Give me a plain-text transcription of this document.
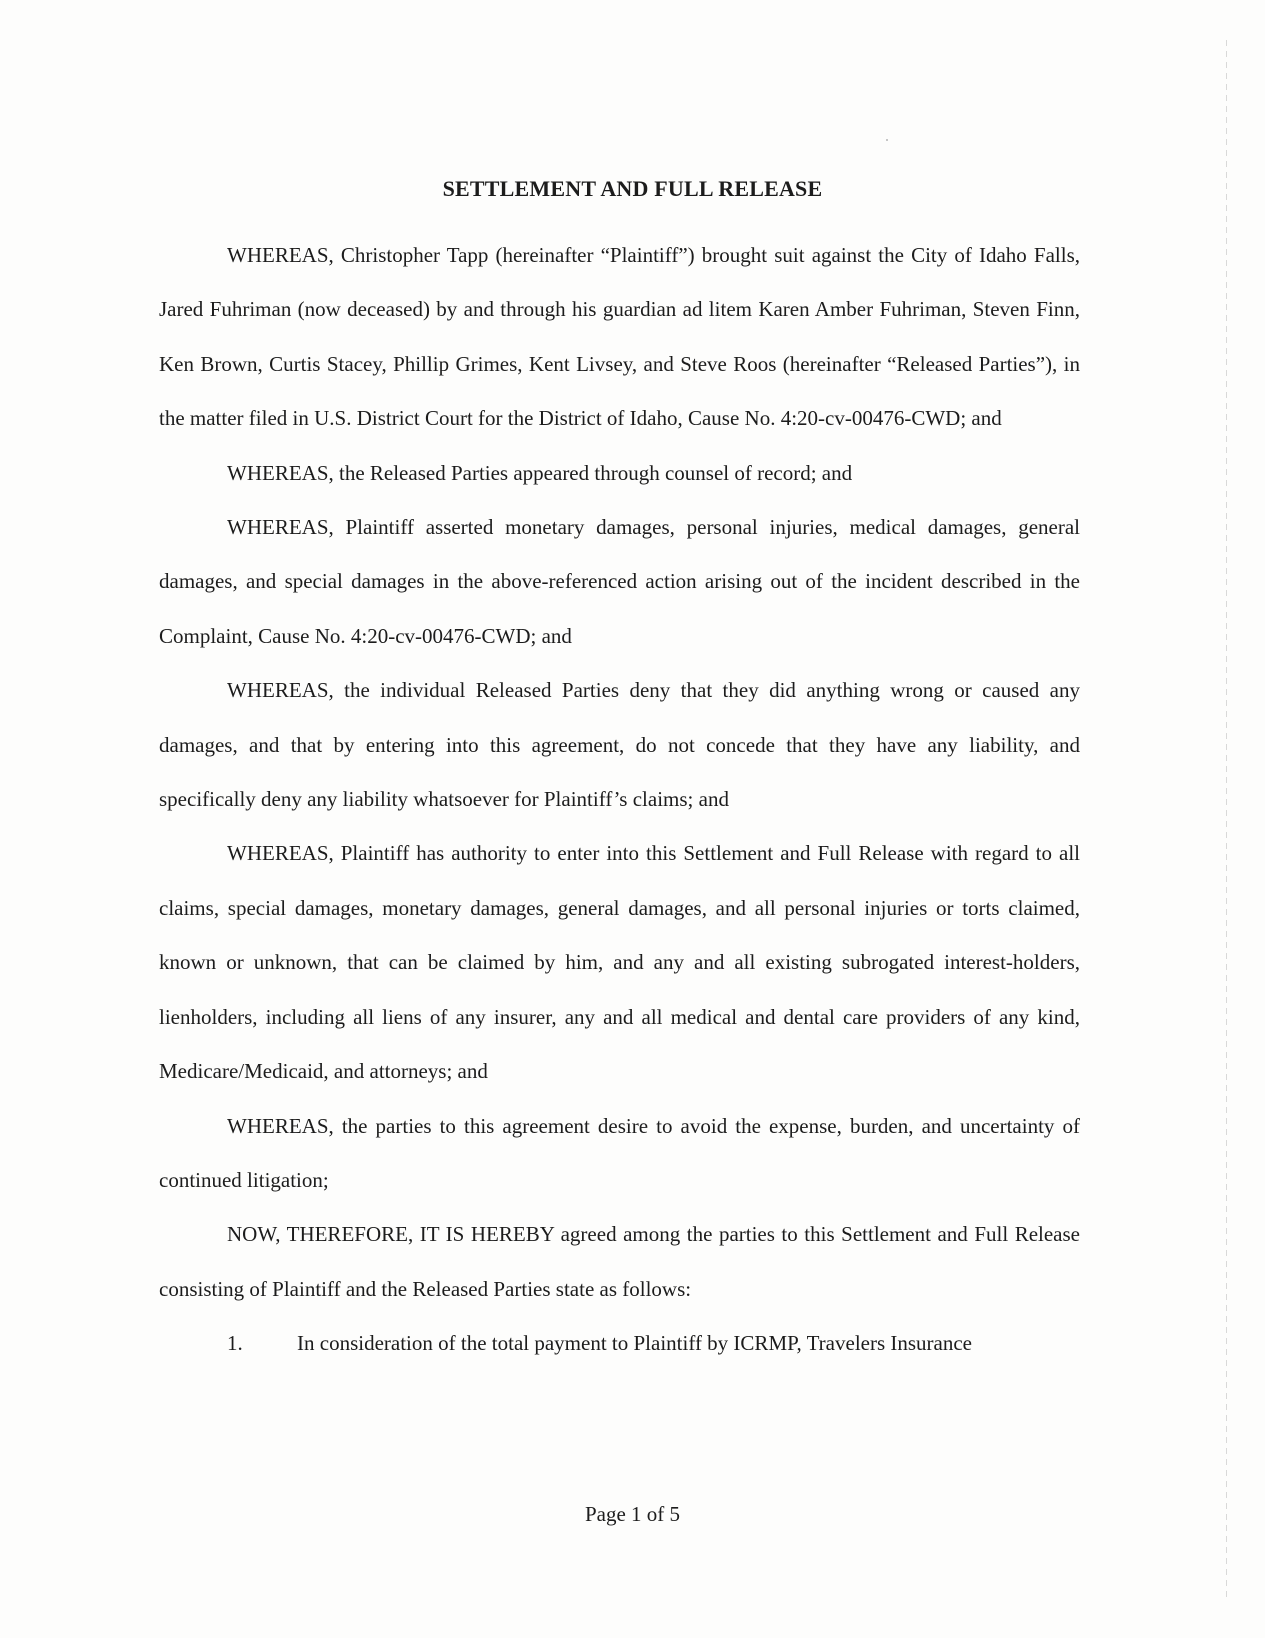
SETTLEMENT AND FULL RELEASE

WHEREAS, Christopher Tapp (hereinafter “Plaintiff”) brought suit against the City of Idaho Falls, Jared Fuhriman (now deceased) by and through his guardian ad litem Karen Amber Fuhriman, Steven Finn, Ken Brown, Curtis Stacey, Phillip Grimes, Kent Livsey, and Steve Roos (hereinafter “Released Parties”), in the matter filed in U.S. District Court for the District of Idaho, Cause No. 4:20-cv-00476-CWD; and

WHEREAS, the Released Parties appeared through counsel of record; and

WHEREAS, Plaintiff asserted monetary damages, personal injuries, medical damages, general damages, and special damages in the above-referenced action arising out of the incident described in the Complaint, Cause No. 4:20-cv-00476-CWD; and

WHEREAS, the individual Released Parties deny that they did anything wrong or caused any damages, and that by entering into this agreement, do not concede that they have any liability, and specifically deny any liability whatsoever for Plaintiff’s claims; and

WHEREAS, Plaintiff has authority to enter into this Settlement and Full Release with regard to all claims, special damages, monetary damages, general damages, and all personal injuries or torts claimed, known or unknown, that can be claimed by him, and any and all existing subrogated interest-holders, lienholders, including all liens of any insurer, any and all medical and dental care providers of any kind, Medicare/Medicaid, and attorneys; and

WHEREAS, the parties to this agreement desire to avoid the expense, burden, and uncertainty of continued litigation;

NOW, THEREFORE, IT IS HEREBY agreed among the parties to this Settlement and Full Release consisting of Plaintiff and the Released Parties state as follows:

1.	In consideration of the total payment to Plaintiff by ICRMP, Travelers Insurance

Page 1 of 5
